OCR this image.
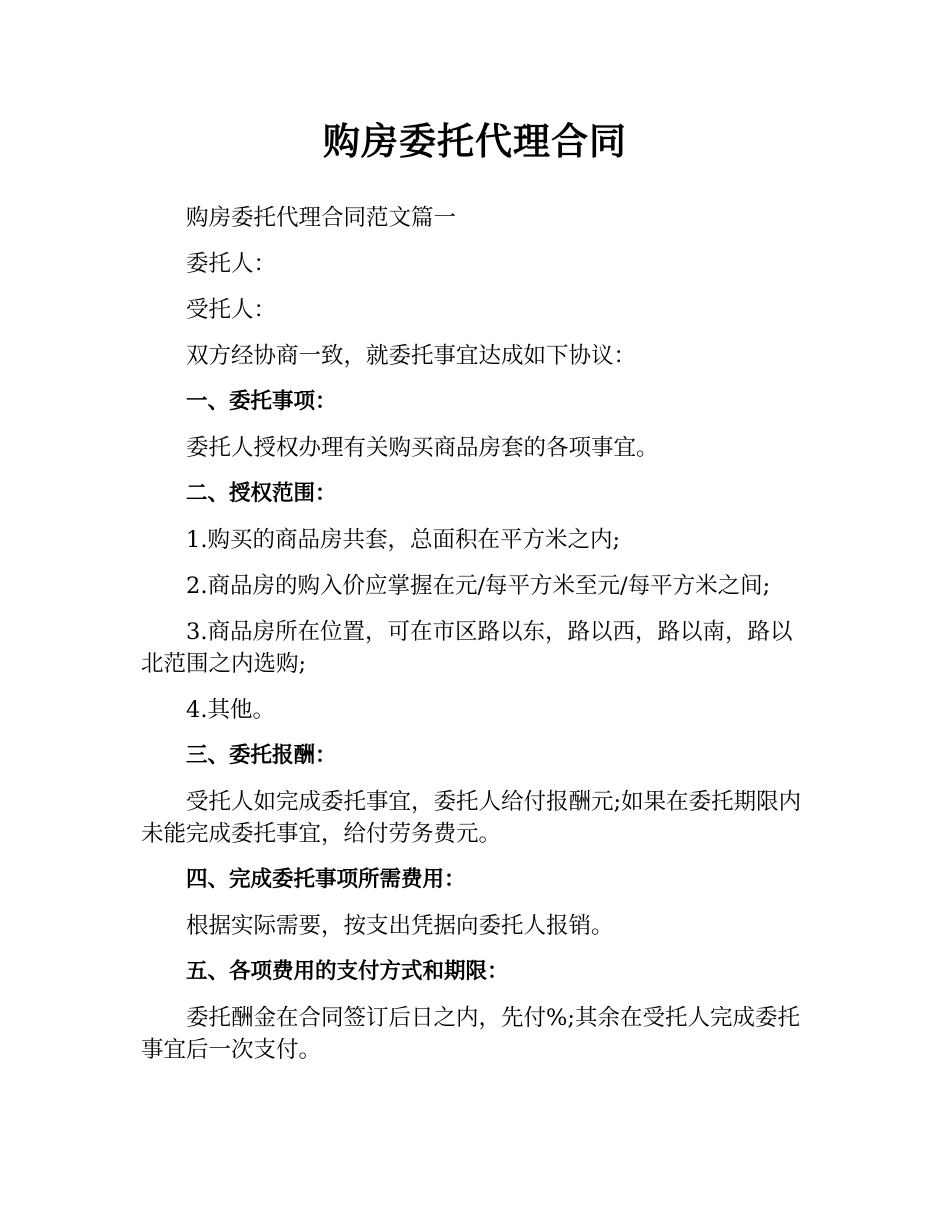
购房委托代理合同

购房委托代理合同范文篇一

委托人：

受托人：

双方经协商一致，就委托事宜达成如下协议：

一、委托事项：

委托人授权办理有关购买商品房套的各项事宜。

二、授权范围：

1.购买的商品房共套，总面积在平方米之内;

2.商品房的购入价应掌握在元/每平方米至元/每平方米之间;

3.商品房所在位置，可在市区路以东，路以西，路以南，路以北范围之内选购;

4.其他。

三、委托报酬：

受托人如完成委托事宜，委托人给付报酬元;如果在委托期限内未能完成委托事宜，给付劳务费元。

四、完成委托事项所需费用：

根据实际需要，按支出凭据向委托人报销。

五、各项费用的支付方式和期限：

委托酬金在合同签订后日之内，先付%;其余在受托人完成委托事宜后一次支付。
